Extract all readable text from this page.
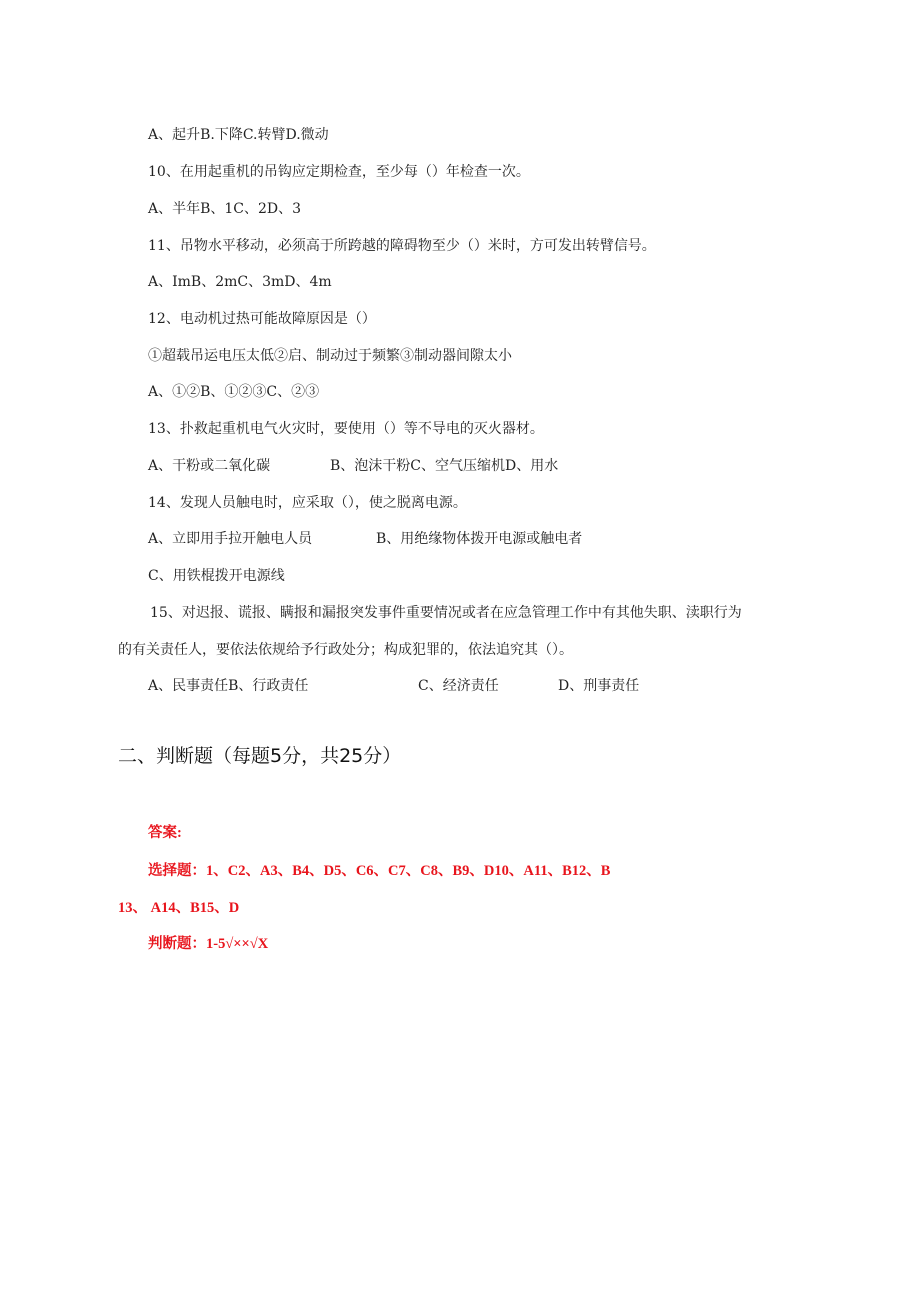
A、起升B.下降C.转臂D.微动

10、在用起重机的吊钩应定期检查，至少每（）年检查一次。

A、半年B、1C、2D、3

11、吊物水平移动，必须高于所跨越的障碍物至少（）米时，方可发出转臂信号。

A、ImB、2mC、3mD、4m

12、电动机过热可能故障原因是（）

①超载吊运电压太低②启、制动过于频繁③制动器间隙太小

A、①②B、①②③C、②③

13、扑救起重机电气火灾时，要使用（）等不导电的灭火器材。

A、干粉或二氧化碳	B、泡沫干粉C、空气压缩机D、用水

14、发现人员触电时，应采取（），使之脱离电源。

A、立即用手拉开触电人员	B、用绝缘物体拨开电源或触电者

C、用铁棍拨开电源线

15、对迟报、谎报、瞒报和漏报突发事件重要情况或者在应急管理工作中有其他失职、渎职行为

的有关责任人，要依法依规给予行政处分；构成犯罪的，依法追究其（）。

A、民事责任B、行政责任	C、经济责任	D、刑事责任

二、判断题（每题5分，共25分）

答案:

选择题：1、C2、A3、B4、D5、C6、C7、C8、B9、D10、A11、B12、B

13、 A14、B15、D

判断题：1-5√××√X
